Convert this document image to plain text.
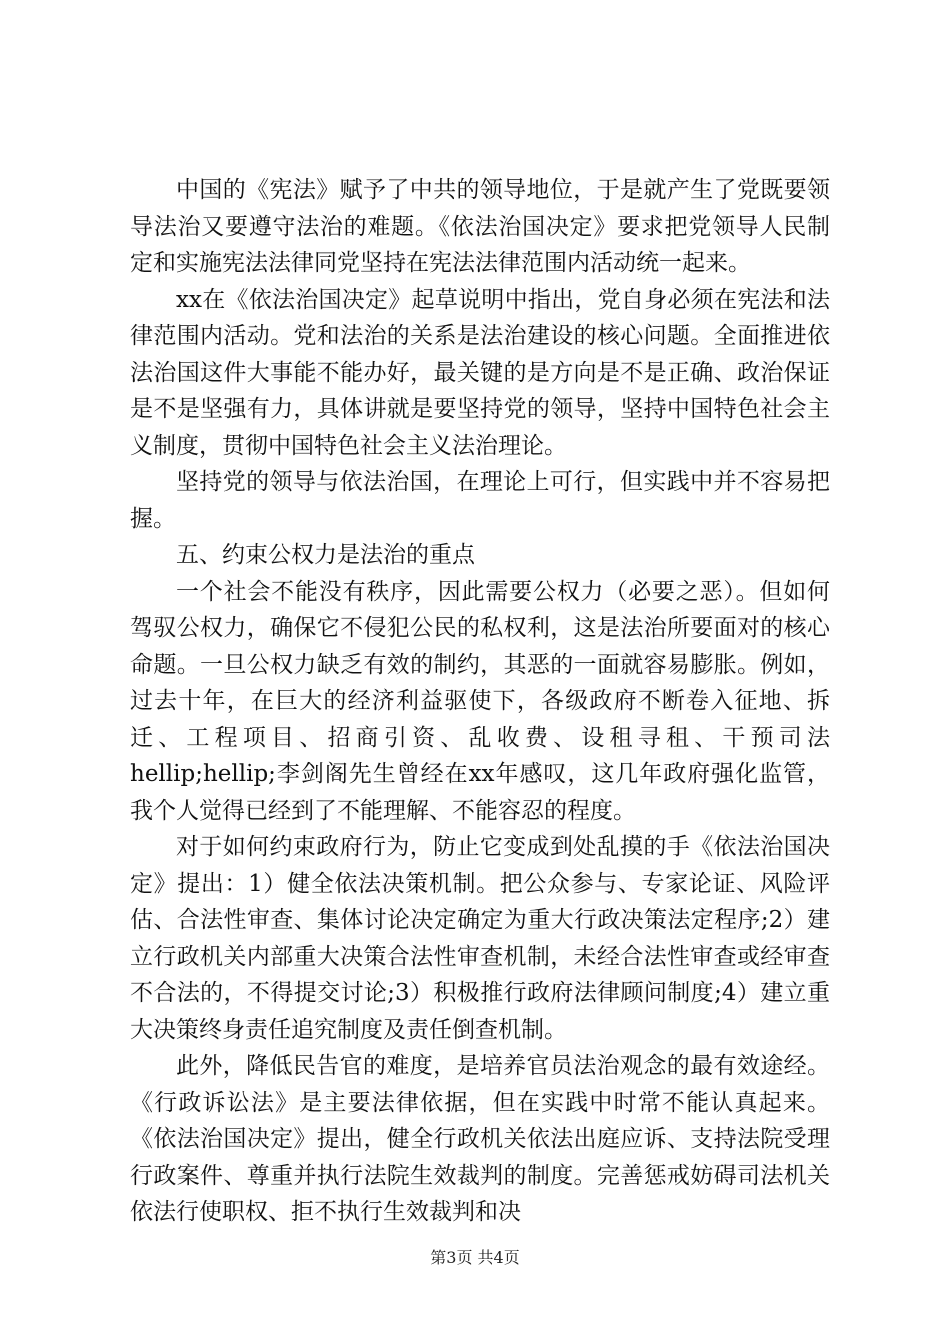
中国的《宪法》赋予了中共的领导地位，于是就产生了党既要领导法治又要遵守法治的难题。《依法治国决定》要求把党领导人民制定和实施宪法法律同党坚持在宪法法律范围内活动统一起来。

xx在《依法治国决定》起草说明中指出，党自身必须在宪法和法律范围内活动。党和法治的关系是法治建设的核心问题。全面推进依法治国这件大事能不能办好，最关键的是方向是不是正确、政治保证是不是坚强有力，具体讲就是要坚持党的领导，坚持中国特色社会主义制度，贯彻中国特色社会主义法治理论。

坚持党的领导与依法治国，在理论上可行，但实践中并不容易把握。

五、约束公权力是法治的重点

一个社会不能没有秩序，因此需要公权力（必要之恶）。但如何驾驭公权力，确保它不侵犯公民的私权利，这是法治所要面对的核心命题。一旦公权力缺乏有效的制约，其恶的一面就容易膨胀。例如，过去十年，在巨大的经济利益驱使下，各级政府不断卷入征地、拆迁、工程项目、招商引资、乱收费、设租寻租、干预司法hellip;hellip;李剑阁先生曾经在xx年感叹，这几年政府强化监管，我个人觉得已经到了不能理解、不能容忍的程度。

对于如何约束政府行为，防止它变成到处乱摸的手《依法治国决定》提出：1）健全依法决策机制。把公众参与、专家论证、风险评估、合法性审查、集体讨论决定确定为重大行政决策法定程序;2）建立行政机关内部重大决策合法性审查机制，未经合法性审查或经审查不合法的，不得提交讨论;3）积极推行政府法律顾问制度;4）建立重大决策终身责任追究制度及责任倒查机制。

此外，降低民告官的难度，是培养官员法治观念的最有效途经。《行政诉讼法》是主要法律依据，但在实践中时常不能认真起来。《依法治国决定》提出，健全行政机关依法出庭应诉、支持法院受理行政案件、尊重并执行法院生效裁判的制度。完善惩戒妨碍司法机关依法行使职权、拒不执行生效裁判和决

第3页 共4页
